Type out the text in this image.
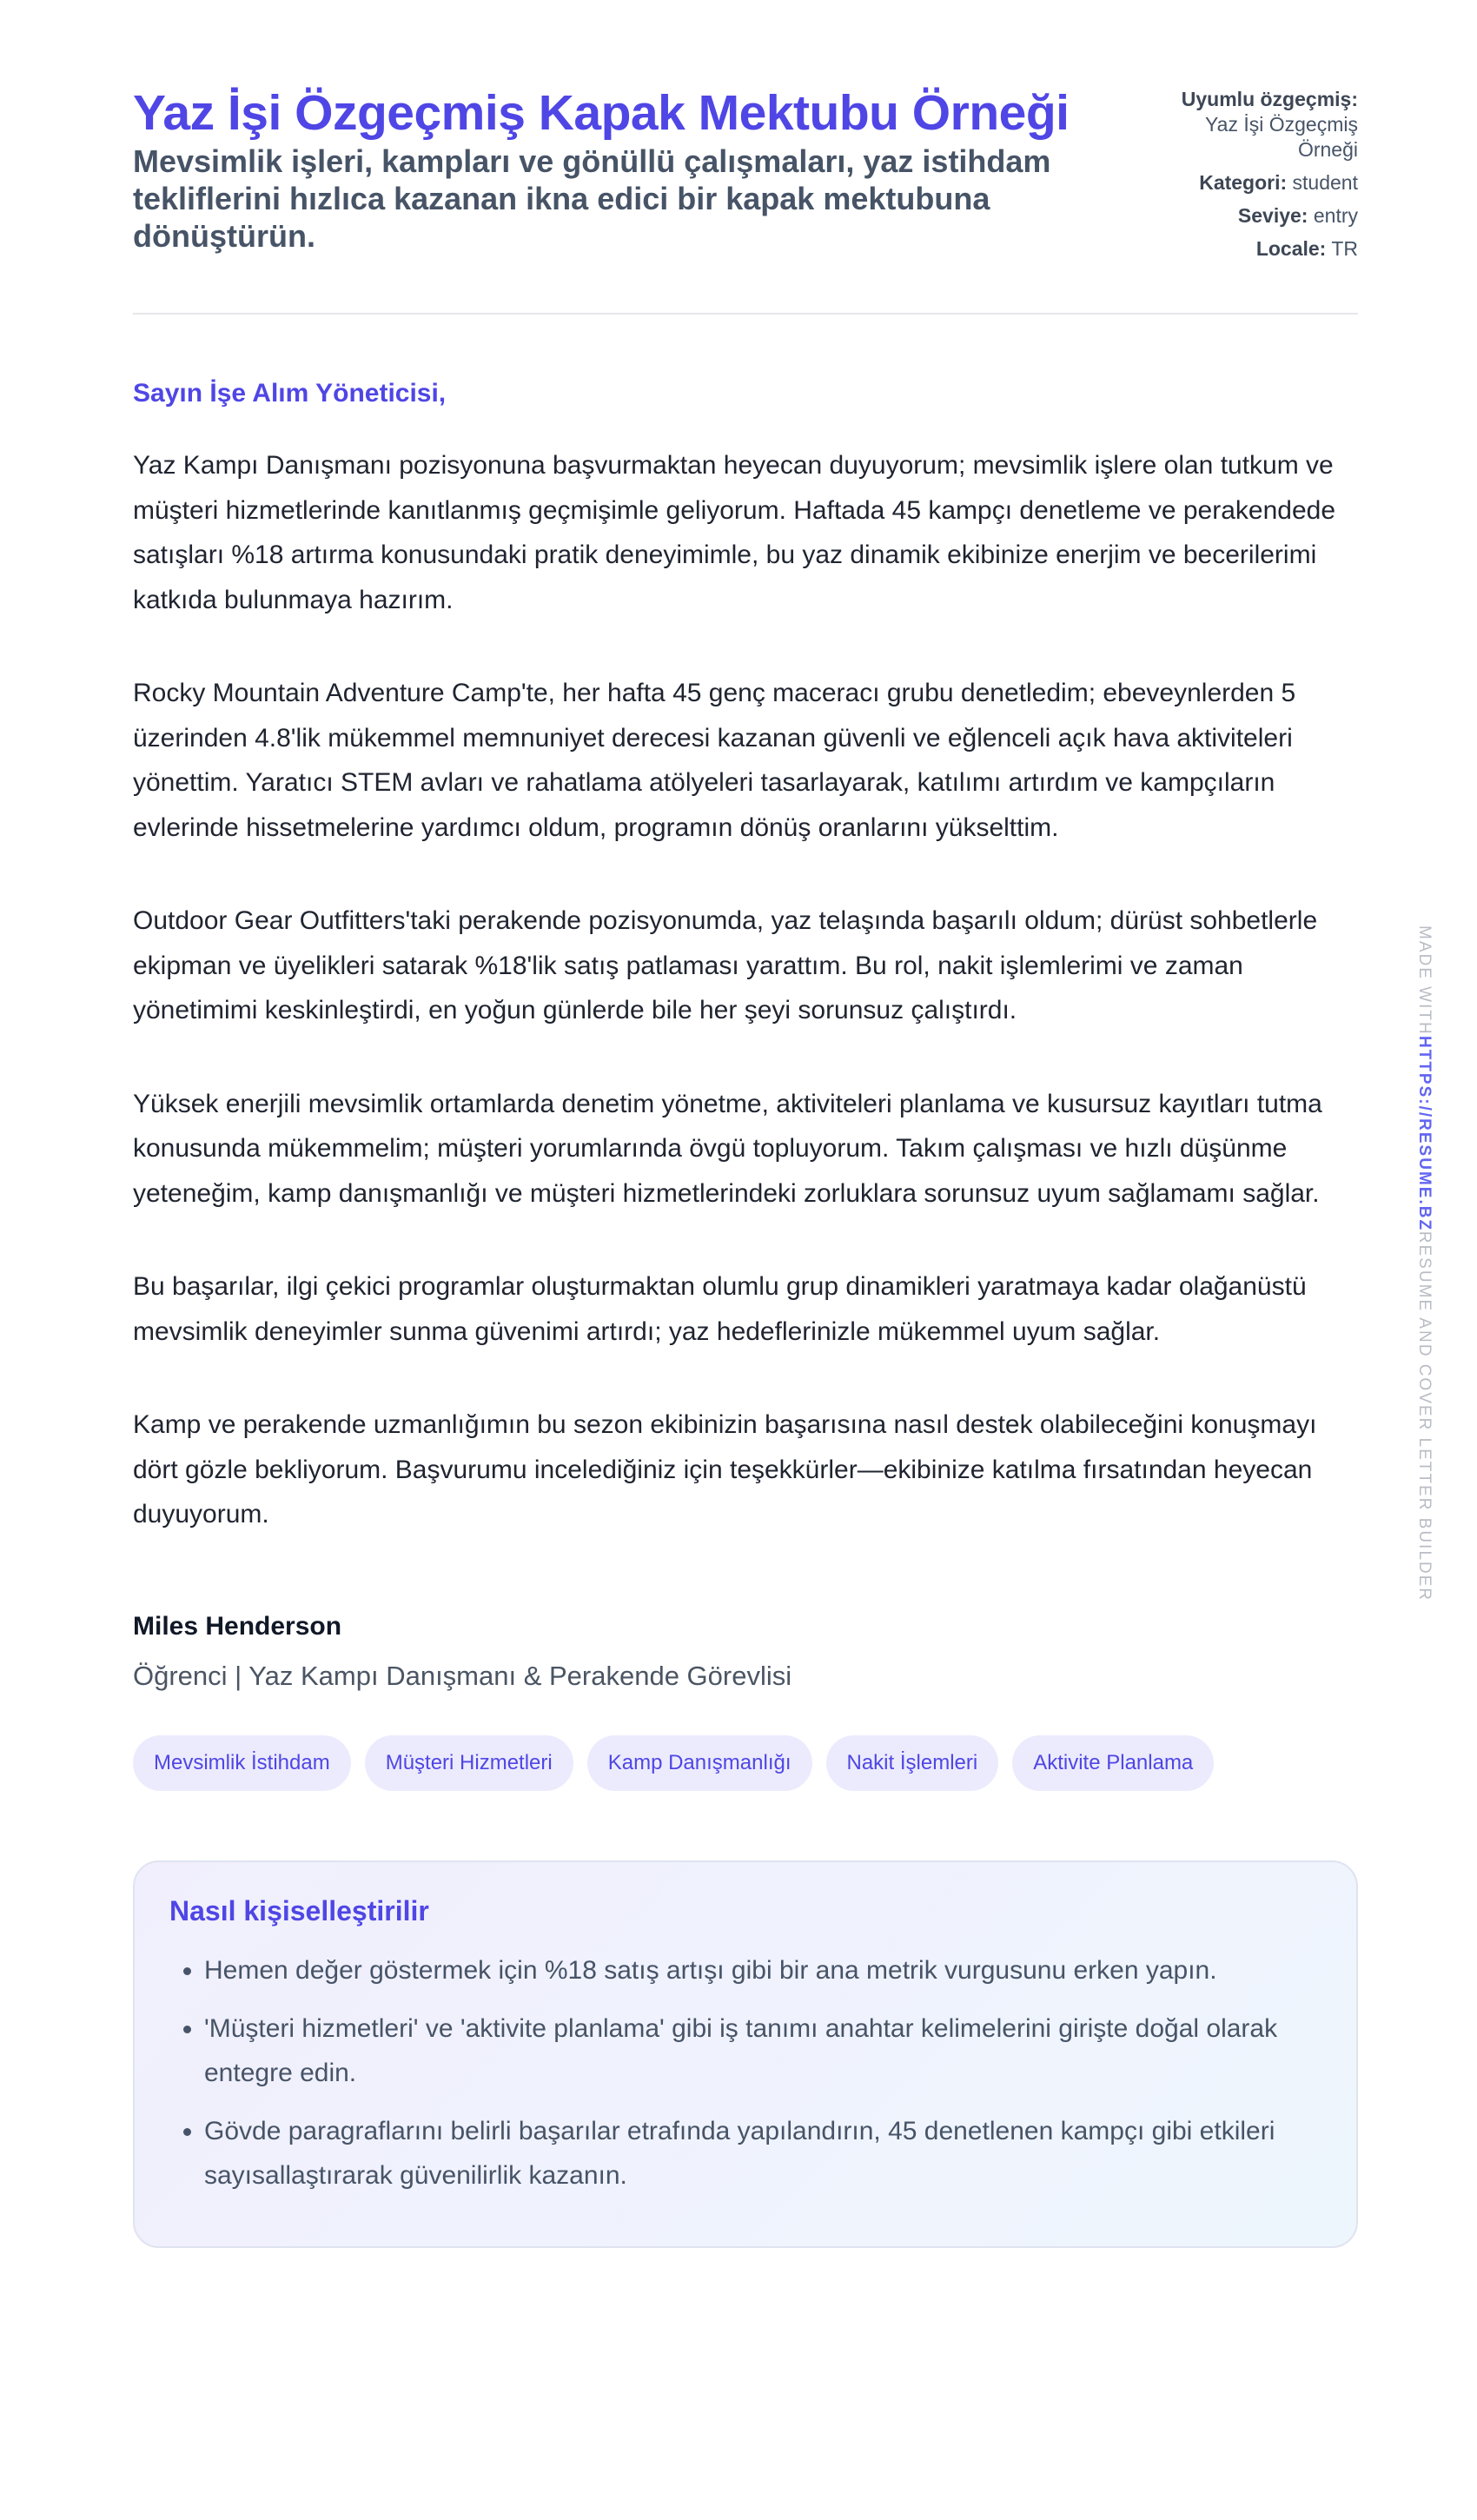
Yaz İşi Özgeçmiş Kapak Mektubu Örneği
Mevsimlik işleri, kampları ve gönüllü çalışmaları, yaz istihdam tekliflerini hızlıca kazanan ikna edici bir kapak mektubuna dönüştürün.
Uyumlu özgeçmiş:
Yaz İşi Özgeçmiş Örneği
Kategori: student
Seviye: entry
Locale: TR
Sayın İşe Alım Yöneticisi,

Yaz Kampı Danışmanı pozisyonuna başvurmaktan heyecan duyuyorum; mevsimlik işlere olan tutkum ve müşteri hizmetlerinde kanıtlanmış geçmişimle geliyorum. Haftada 45 kampçı denetleme ve perakendede satışları %18 artırma konusundaki pratik deneyimimle, bu yaz dinamik ekibinize enerjim ve becerilerimi katkıda bulunmaya hazırım.

Rocky Mountain Adventure Camp'te, her hafta 45 genç maceracı grubu denetledim; ebeveynlerden 5 üzerinden 4.8'lik mükemmel memnuniyet derecesi kazanan güvenli ve eğlenceli açık hava aktiviteleri yönettim. Yaratıcı STEM avları ve rahatlama atölyeleri tasarlayarak, katılımı artırdım ve kampçıların evlerinde hissetmelerine yardımcı oldum, programın dönüş oranlarını yükselttim.

Outdoor Gear Outfitters'taki perakende pozisyonumda, yaz telaşında başarılı oldum; dürüst sohbetlerle ekipman ve üyelikleri satarak %18'lik satış patlaması yarattım. Bu rol, nakit işlemlerimi ve zaman yönetimimi keskinleştirdi, en yoğun günlerde bile her şeyi sorunsuz çalıştırdı.

Yüksek enerjili mevsimlik ortamlarda denetim yönetme, aktiviteleri planlama ve kusursuz kayıtları tutma konusunda mükemmelim; müşteri yorumlarında övgü topluyorum. Takım çalışması ve hızlı düşünme yeteneğim, kamp danışmanlığı ve müşteri hizmetlerindeki zorluklara sorunsuz uyum sağlamamı sağlar.

Bu başarılar, ilgi çekici programlar oluşturmaktan olumlu grup dinamikleri yaratmaya kadar olağanüstü mevsimlik deneyimler sunma güvenimi artırdı; yaz hedeflerinizle mükemmel uyum sağlar.

Kamp ve perakende uzmanlığımın bu sezon ekibinizin başarısına nasıl destek olabileceğini konuşmayı dört gözle bekliyorum. Başvurumu incelediğiniz için teşekkürler—ekibinize katılma fırsatından heyecan duyuyorum.

Miles Henderson
Öğrenci | Yaz Kampı Danışmanı & Perakende Görevlisi
Mevsimlik İstihdam	Müşteri Hizmetleri	Kamp Danışmanlığı	Nakit İşlemleri	Aktivite Planlama
Nasıl kişiselleştirilir
• Hemen değer göstermek için %18 satış artışı gibi bir ana metrik vurgusunu erken yapın.
• 'Müşteri hizmetleri' ve 'aktivite planlama' gibi iş tanımı anahtar kelimelerini girişte doğal olarak entegre edin.
• Gövde paragraflarını belirli başarılar etrafında yapılandırın, 45 denetlenen kampçı gibi etkileri sayısallaştırarak güvenilirlik kazanın.
MADE WITHHTTPS://RESUME.BZRESUME AND COVER LETTER BUILDER
